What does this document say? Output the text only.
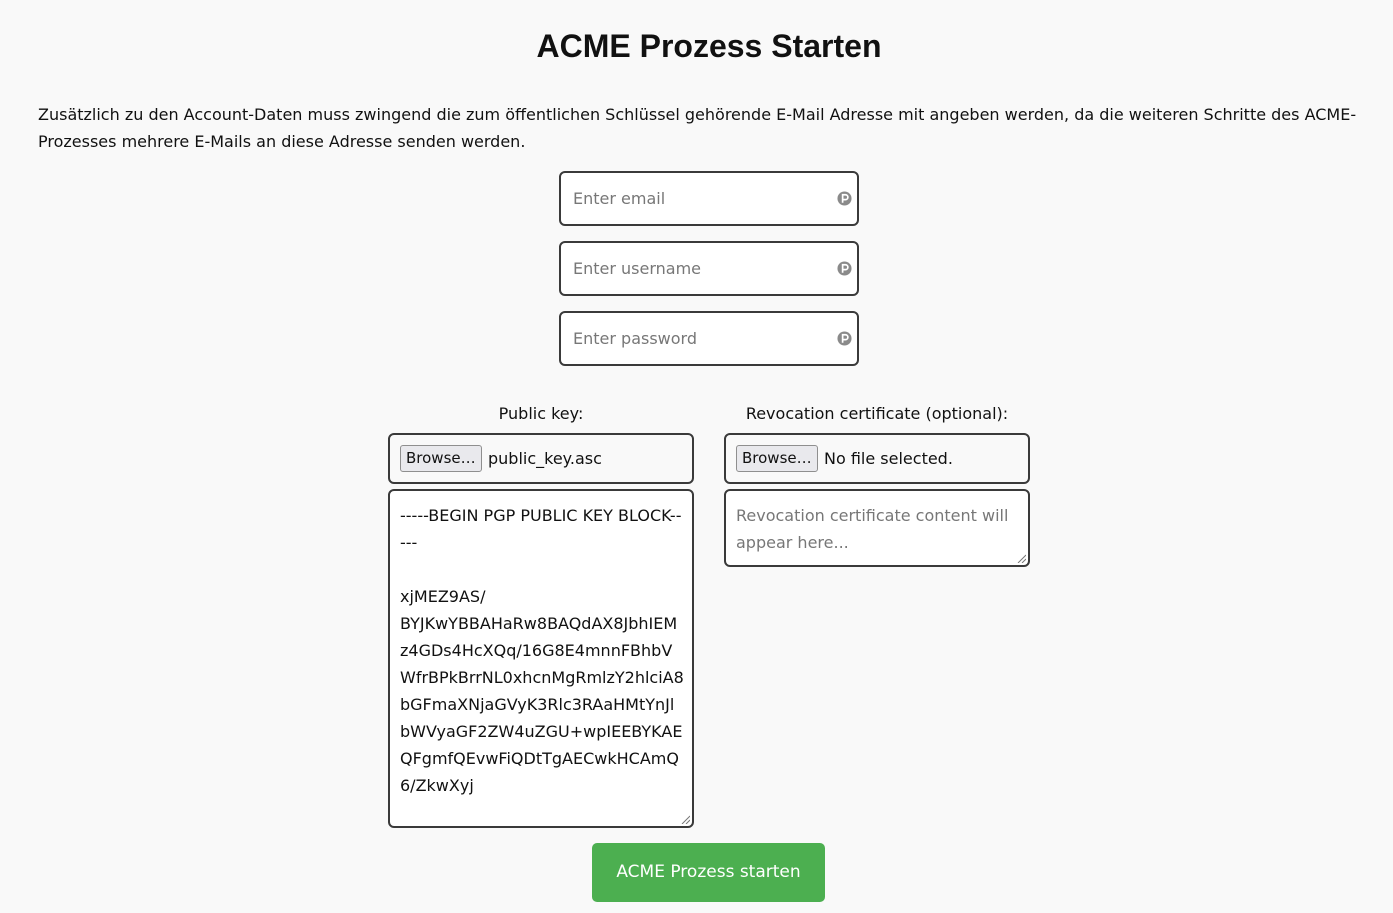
ACME Prozess Starten

Zusätzlich zu den Account-Daten muss zwingend die zum öffentlichen Schlüssel gehörende E-Mail Adresse mit angeben werden, da die weiteren Schritte des ACME-Prozesses mehrere E-Mails an diese Adresse senden werden.

Enter email
Enter username
Public key:
Browse… public_key.asc
-----BEGIN PGP PUBLIC KEY BLOCK-----

xjMEZ9AS/
BYJKwYBBAHaRw8BAQdAX8JbhIEMz4GDs4HcXQq/16G8E4mnnFBhbVWfrBPkBrrNL0xhcnMgRmlzY2hlciA8bGFmaXNjaGVyK3Rlc3RAaHMtYnJlbWVyaGF2ZW4uZGU+wpIEEBYKAEQFgmfQEvwFiQDtTgAECwkHCAmQ6/ZkwXyj
Revocation certificate (optional):
Browse… No file selected.
Revocation certificate content will appear here...
ACME Prozess starten
